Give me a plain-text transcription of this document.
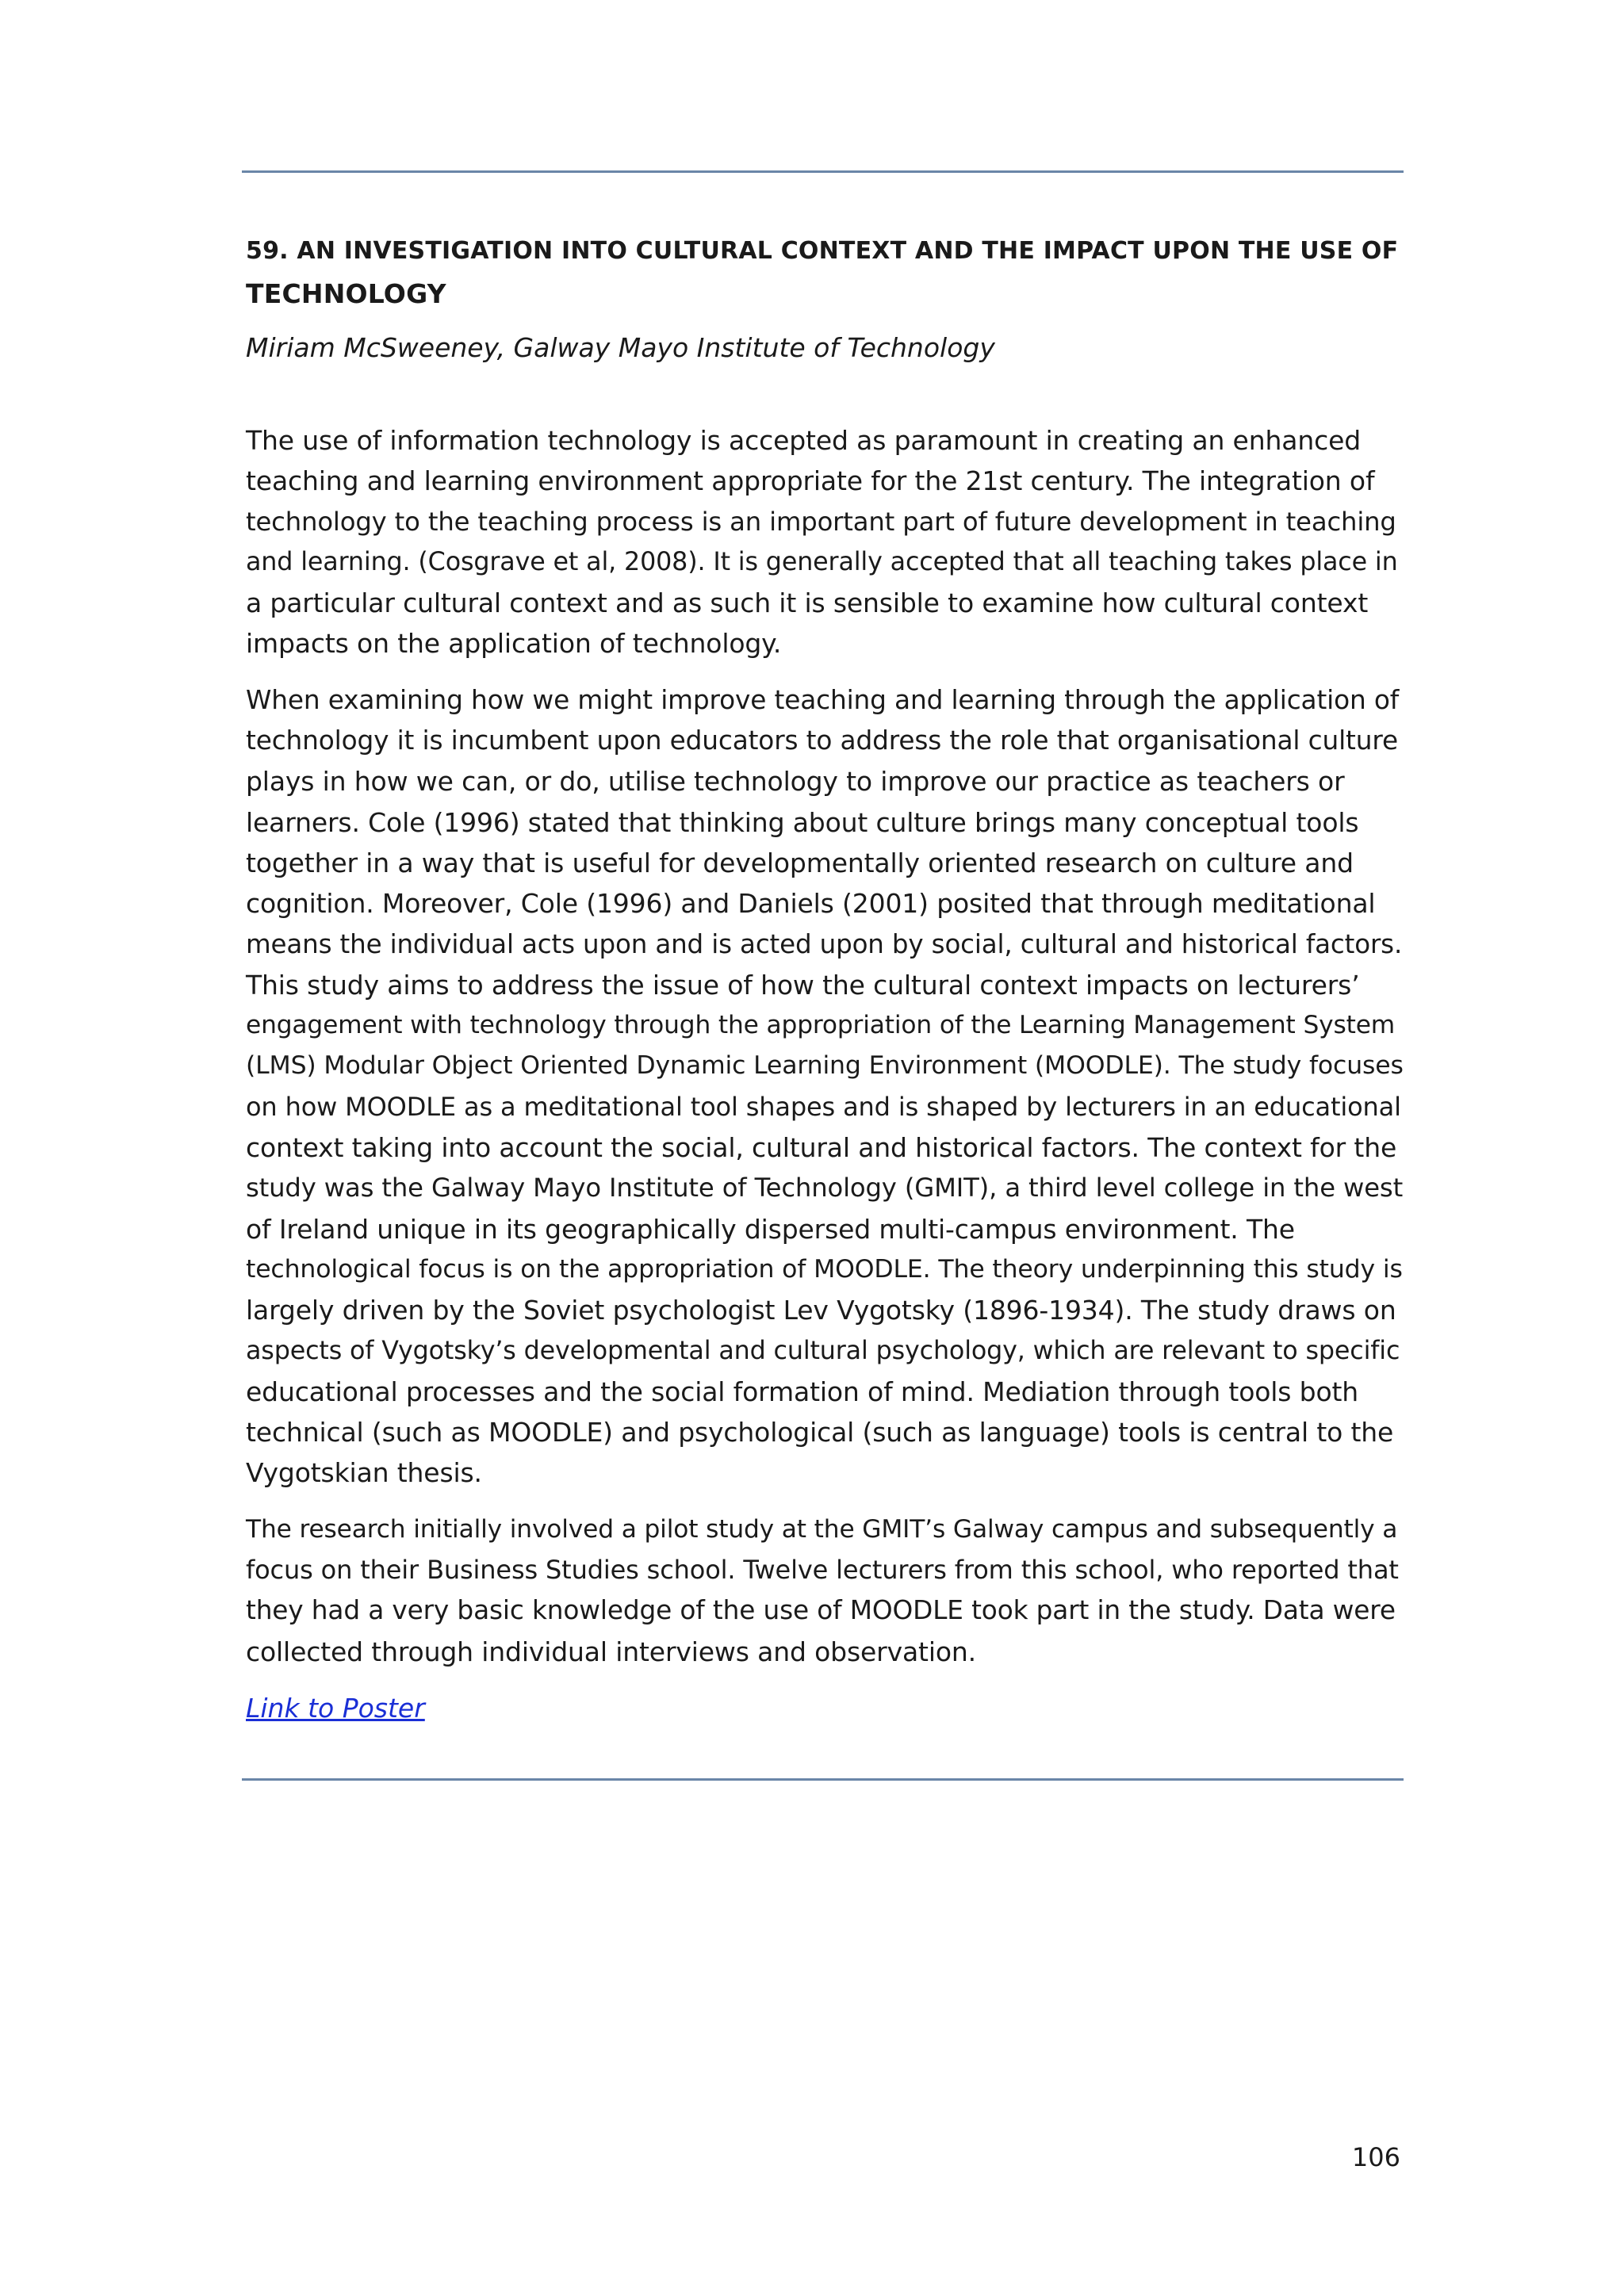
59. AN INVESTIGATION INTO CULTURAL CONTEXT AND THE IMPACT UPON THE USE OF
TECHNOLOGY

Miriam McSweeney, Galway Mayo Institute of Technology

The use of information technology is accepted as paramount in creating an enhanced
teaching and learning environment appropriate for the 21st century. The integration of
technology to the teaching process is an important part of future development in teaching
and learning. (Cosgrave et al, 2008). It is generally accepted that all teaching takes place in
a particular cultural context and as such it is sensible to examine how cultural context
impacts on the application of technology.

When examining how we might improve teaching and learning through the application of
technology it is incumbent upon educators to address the role that organisational culture
plays in how we can, or do, utilise technology to improve our practice as teachers or
learners. Cole (1996) stated that thinking about culture brings many conceptual tools
together in a way that is useful for developmentally oriented research on culture and
cognition. Moreover, Cole (1996) and Daniels (2001) posited that through meditational
means the individual acts upon and is acted upon by social, cultural and historical factors.
This study aims to address the issue of how the cultural context impacts on lecturers’
engagement with technology through the appropriation of the Learning Management System
(LMS) Modular Object Oriented Dynamic Learning Environment (MOODLE). The study focuses
on how MOODLE as a meditational tool shapes and is shaped by lecturers in an educational
context taking into account the social, cultural and historical factors. The context for the
study was the Galway Mayo Institute of Technology (GMIT), a third level college in the west
of Ireland unique in its geographically dispersed multi-campus environment. The
technological focus is on the appropriation of MOODLE. The theory underpinning this study is
largely driven by the Soviet psychologist Lev Vygotsky (1896-1934). The study draws on
aspects of Vygotsky’s developmental and cultural psychology, which are relevant to specific
educational processes and the social formation of mind. Mediation through tools both
technical (such as MOODLE) and psychological (such as language) tools is central to the
Vygotskian thesis.

The research initially involved a pilot study at the GMIT’s Galway campus and subsequently a
focus on their Business Studies school. Twelve lecturers from this school, who reported that
they had a very basic knowledge of the use of MOODLE took part in the study. Data were
collected through individual interviews and observation.

Link to Poster
106
